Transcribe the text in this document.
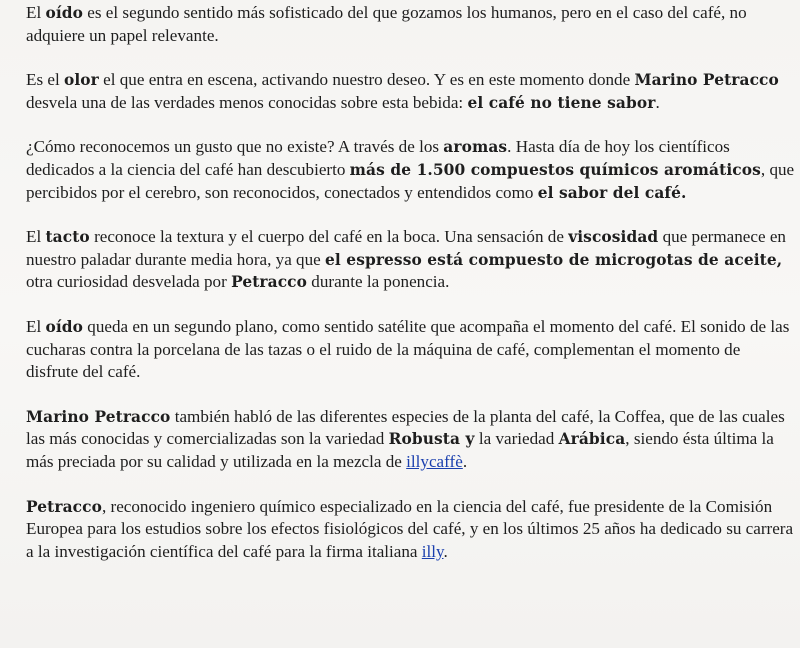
El oído es el segundo sentido más sofisticado del que gozamos los humanos, pero en el caso del café, no adquiere un papel relevante.

Es el olor el que entra en escena, activando nuestro deseo. Y es en este momento donde Marino Petracco desvela una de las verdades menos conocidas sobre esta bebida: el café no tiene sabor.

¿Cómo reconocemos un gusto que no existe? A través de los aromas. Hasta día de hoy los científicos dedicados a la ciencia del café han descubierto más de 1.500 compuestos químicos aromáticos, que percibidos por el cerebro, son reconocidos, conectados y entendidos como el sabor del café.

El tacto reconoce la textura y el cuerpo del café en la boca. Una sensación de viscosidad que permanece en nuestro paladar durante media hora, ya que el espresso está compuesto de microgotas de aceite, otra curiosidad desvelada por Petracco durante la ponencia.

El oído queda en un segundo plano, como sentido satélite que acompaña el momento del café. El sonido de las cucharas contra la porcelana de las tazas o el ruido de la máquina de café, complementan el momento de disfrute del café.

Marino Petracco también habló de las diferentes especies de la planta del café, la Coffea, que de las cuales las más conocidas y comercializadas son la variedad Robusta y la variedad Arábica, siendo ésta última la más preciada por su calidad y utilizada en la mezcla de illycaffè.

Petracco, reconocido ingeniero químico especializado en la ciencia del café, fue presidente de la Comisión Europea para los estudios sobre los efectos fisiológicos del café, y en los últimos 25 años ha dedicado su carrera a la investigación científica del café para la firma italiana illy.
